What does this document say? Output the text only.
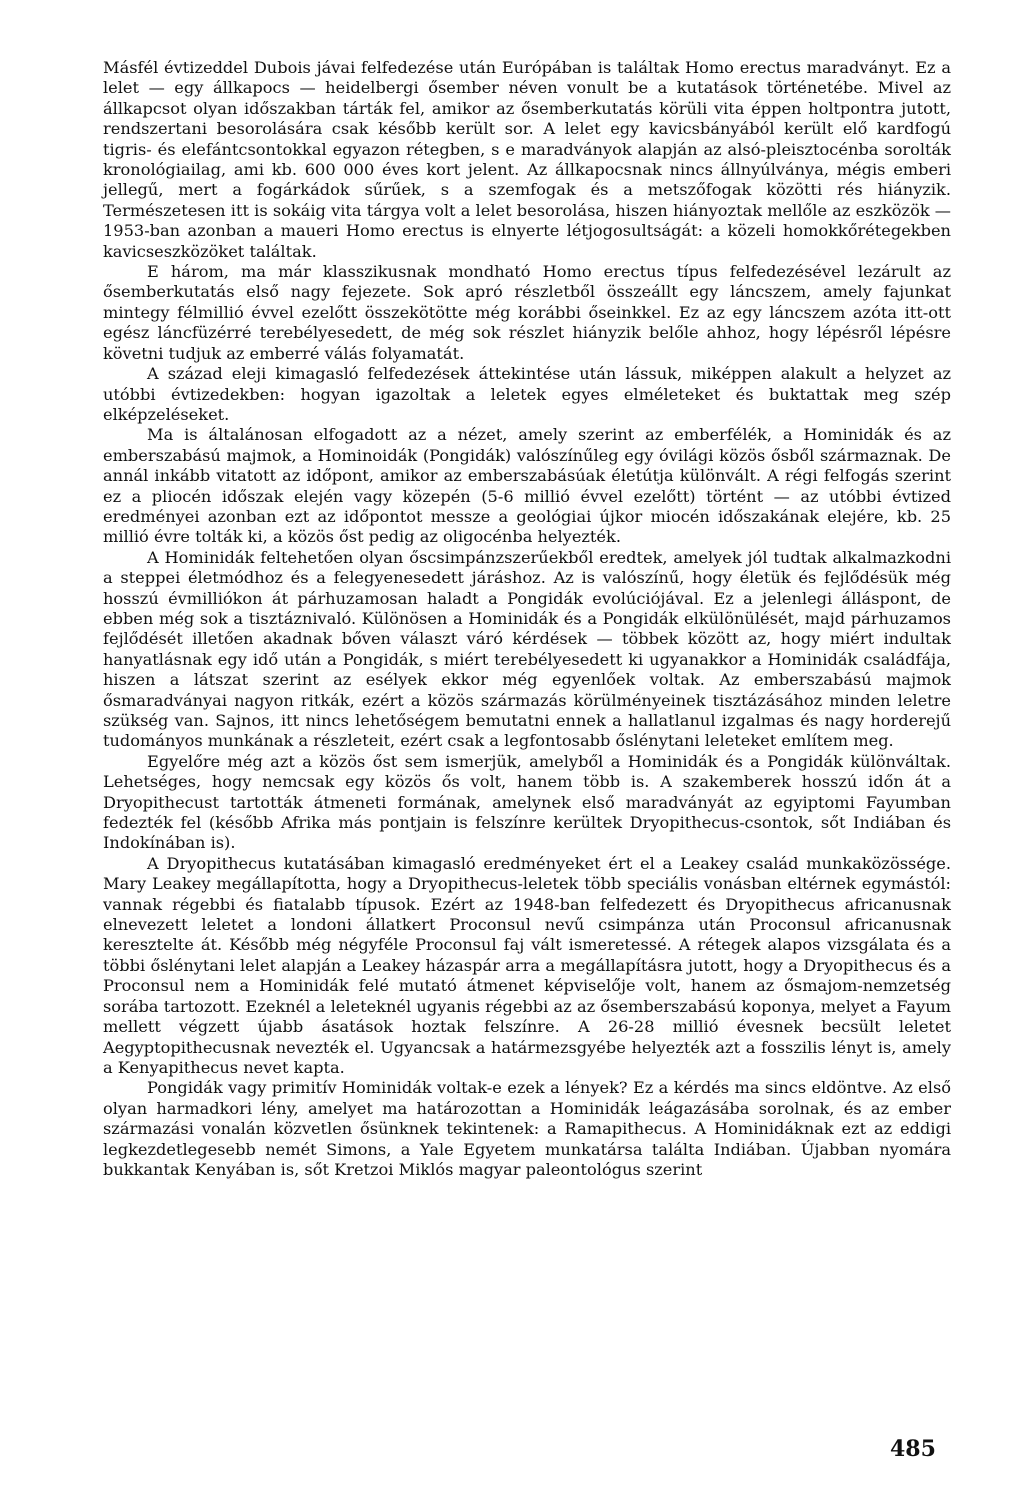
Másfél évtizeddel Dubois jávai felfedezése után Európában is találtak Homo erectus maradványt. Ez a lelet — egy állkapocs — heidelbergi ősember néven vonult be a kutatások történetébe. Mivel az állkapcsot olyan időszakban tárták fel, amikor az ősemberkutatás körüli vita éppen holtpontra jutott, rendszertani besorolására csak később került sor. A lelet egy kavicsbányából került elő kardfogú tigris- és elefántcsontokkal egyazon rétegben, s e maradványok alapján az alsó-pleisztocénba sorolták kronológiailag, ami kb. 600 000 éves kort jelent. Az állkapocsnak nincs állnyúlványa, mégis emberi jellegű, mert a fogárkádok sűrűek, s a szemfogak és a metszőfogak közötti rés hiányzik. Természetesen itt is sokáig vita tárgya volt a lelet besorolása, hiszen hiányoztak mellőle az eszközök — 1953-ban azonban a maueri Homo erectus is elnyerte létjogosultságát: a közeli homokkőrétegekben kavicseszközöket találtak.

E három, ma már klasszikusnak mondható Homo erectus típus felfedezésével lezárult az ősemberkutatás első nagy fejezete. Sok apró részletből összeállt egy láncszem, amely fajunkat mintegy félmillió évvel ezelőtt összekötötte még korábbi őseinkkel. Ez az egy láncszem azóta itt-ott egész láncfüzérré terebélyesedett, de még sok részlet hiányzik belőle ahhoz, hogy lépésről lépésre követni tudjuk az emberré válás folyamatát.

A század eleji kimagasló felfedezések áttekintése után lássuk, miképpen alakult a helyzet az utóbbi évtizedekben: hogyan igazoltak a leletek egyes elméleteket és buktattak meg szép elképzeléseket.

Ma is általánosan elfogadott az a nézet, amely szerint az emberfélék, a Hominidák és az emberszabású majmok, a Hominoidák (Pongidák) valószínűleg egy óvilági közös ősből származnak. De annál inkább vitatott az időpont, amikor az emberszabásúak életútja különvált. A régi felfogás szerint ez a pliocén időszak elején vagy közepén (5-6 millió évvel ezelőtt) történt — az utóbbi évtized eredményei azonban ezt az időpontot messze a geológiai újkor miocén időszakának elejére, kb. 25 millió évre tolták ki, a közös őst pedig az oligocénba helyezték.

A Hominidák feltehetően olyan őscsimpánzszerűekből eredtek, amelyek jól tudtak alkalmazkodni a steppei életmódhoz és a felegyenesedett járáshoz. Az is valószínű, hogy életük és fejlődésük még hosszú évmilliókon át párhuzamosan haladt a Pongidák evolúciójával. Ez a jelenlegi álláspont, de ebben még sok a tisztáznivaló. Különösen a Hominidák és a Pongidák elkülönülését, majd párhuzamos fejlődését illetően akadnak bőven választ váró kérdések — többek között az, hogy miért indultak hanyatlásnak egy idő után a Pongidák, s miért terebélyesedett ki ugyanakkor a Hominidák családfája, hiszen a látszat szerint az esélyek ekkor még egyenlőek voltak. Az emberszabású majmok ősmaradványai nagyon ritkák, ezért a közös származás körülményeinek tisztázásához minden leletre szükség van. Sajnos, itt nincs lehetőségem bemutatni ennek a hallatlanul izgalmas és nagy horderejű tudományos munkának a részleteit, ezért csak a legfontosabb őslénytani leleteket említem meg.

Egyelőre még azt a közös őst sem ismerjük, amelyből a Hominidák és a Pongidák különváltak. Lehetséges, hogy nemcsak egy közös ős volt, hanem több is. A szakemberek hosszú időn át a Dryopithecust tartották átmeneti formának, amelynek első maradványát az egyiptomi Fayumban fedezték fel (később Afrika más pontjain is felszínre kerültek Dryopithecus-csontok, sőt Indiában és Indokínában is).

A Dryopithecus kutatásában kimagasló eredményeket ért el a Leakey család munkaközössége. Mary Leakey megállapította, hogy a Dryopithecus-leletek több speciális vonásban eltérnek egymástól: vannak régebbi és fiatalabb típusok. Ezért az 1948-ban felfedezett és Dryopithecus africanusnak elnevezett leletet a londoni állatkert Proconsul nevű csimpánza után Proconsul africanusnak keresztelte át. Később még négyféle Proconsul faj vált ismeretessé. A rétegek alapos vizsgálata és a többi őslénytani lelet alapján a Leakey házaspár arra a megállapításra jutott, hogy a Dryopithecus és a Proconsul nem a Hominidák felé mutató átmenet képviselője volt, hanem az ősmajom-nemzetség sorába tartozott. Ezeknél a leleteknél ugyanis régebbi az az ősemberszabású koponya, melyet a Fayum mellett végzett újabb ásatások hoztak felszínre. A 26-28 millió évesnek becsült leletet Aegyptopithecusnak nevezték el. Ugyancsak a határmezsgyébe helyezték azt a fosszilis lényt is, amely a Kenyapithecus nevet kapta.

Pongidák vagy primitív Hominidák voltak-e ezek a lények? Ez a kérdés ma sincs eldöntve. Az első olyan harmadkori lény, amelyet ma határozottan a Hominidák leágazásába sorolnak, és az ember származási vonalán közvetlen ősünknek tekintenek: a Ramapithecus. A Hominidáknak ezt az eddigi legkezdetlegesebb nemét Simons, a Yale Egyetem munkatársa találta Indiában. Újabban nyomára bukkantak Kenyában is, sőt Kretzoi Miklós magyar paleontológus szerint

485
